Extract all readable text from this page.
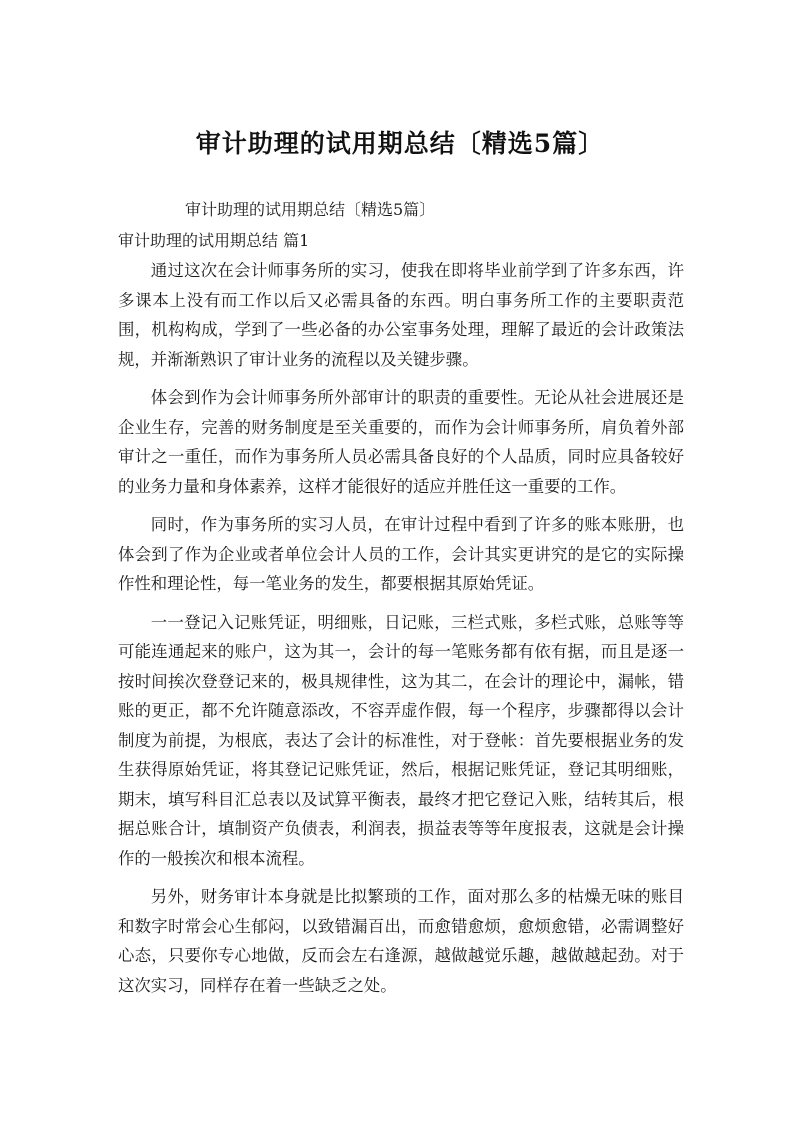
审计助理的试用期总结〔精选5篇〕
审计助理的试用期总结〔精选5篇〕
审计助理的试用期总结 篇1

通过这次在会计师事务所的实习，使我在即将毕业前学到了许多东西，许多课本上没有而工作以后又必需具备的东西。明白事务所工作的主要职责范围，机构构成，学到了一些必备的办公室事务处理，理解了最近的会计政策法规，并渐渐熟识了审计业务的流程以及关键步骤。

体会到作为会计师事务所外部审计的职责的重要性。无论从社会进展还是企业生存，完善的财务制度是至关重要的，而作为会计师事务所，肩负着外部审计之一重任，而作为事务所人员必需具备良好的个人品质，同时应具备较好的业务力量和身体素养，这样才能很好的适应并胜任这一重要的工作。

同时，作为事务所的实习人员，在审计过程中看到了许多的账本账册，也体会到了作为企业或者单位会计人员的工作，会计其实更讲究的是它的实际操作性和理论性，每一笔业务的发生，都要根据其原始凭证。

一一登记入记账凭证，明细账，日记账，三栏式账，多栏式账，总账等等可能连通起来的账户，这为其一，会计的每一笔账务都有依有据，而且是逐一按时间挨次登登记来的，极具规律性，这为其二，在会计的理论中，漏帐，错账的更正，都不允许随意添改，不容弄虚作假，每一个程序，步骤都得以会计制度为前提，为根底，表达了会计的标准性，对于登帐：首先要根据业务的发生获得原始凭证，将其登记记账凭证，然后，根据记账凭证，登记其明细账，期末，填写科目汇总表以及试算平衡表，最终才把它登记入账，结转其后，根据总账合计，填制资产负债表，利润表，损益表等等年度报表，这就是会计操作的一般挨次和根本流程。

另外，财务审计本身就是比拟繁琐的工作，面对那么多的枯燥无味的账目和数字时常会心生郁闷，以致错漏百出，而愈错愈烦，愈烦愈错，必需调整好心态，只要你专心地做，反而会左右逢源，越做越觉乐趣，越做越起劲。对于这次实习，同样存在着一些缺乏之处。
